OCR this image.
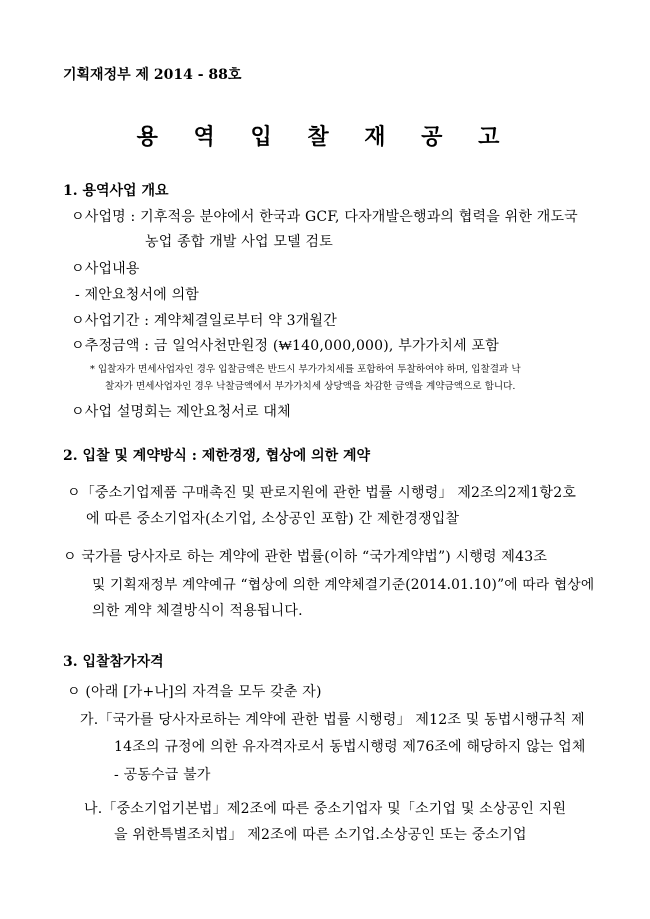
기획재정부 제 2014 - 88호
용 역 입 찰 재 공 고
1. 용역사업 개요
ㅇ사업명 : 기후적응 분야에서 한국과 GCF, 다자개발은행과의 협력을 위한 개도국
농업 종합 개발 사업 모델 검토
ㅇ사업내용
- 제안요청서에 의함
ㅇ사업기간 : 계약체결일로부터 약 3개월간
ㅇ추정금액 : 금 일억사천만원정 (₩140,000,000), 부가가치세 포함
* 입찰자가 면세사업자인 경우 입찰금액은 반드시 부가가치세를 포함하여 투찰하여야 하며, 입찰결과 낙
찰자가 면세사업자인 경우 낙찰금액에서 부가가치세 상당액을 차감한 금액을 계약금액으로 합니다.
ㅇ사업 설명회는 제안요청서로 대체
2. 입찰 및 계약방식 : 제한경쟁, 협상에 의한 계약
ㅇ「중소기업제품 구매촉진 및 판로지원에 관한 법률 시행령」 제2조의2제1항2호
에 따른 중소기업자(소기업, 소상공인 포함) 간 제한경쟁입찰
ㅇ 국가를 당사자로 하는 계약에 관한 법률(이하 “국가계약법”) 시행령 제43조
및 기획재정부 계약예규 “협상에 의한 계약체결기준(2014.01.10)”에 따라 협상에
의한 계약 체결방식이 적용됩니다.
3. 입찰참가자격
ㅇ (아래 [가+나]의 자격을 모두 갖춘 자)
가.「국가를 당사자로하는 계약에 관한 법률 시행령」 제12조 및 동법시행규칙 제
14조의 규정에 의한 유자격자로서 동법시행령 제76조에 해당하지 않는 업체
- 공동수급 불가
나.「중소기업기본법」제2조에 따른 중소기업자 및「소기업 및 소상공인 지원
을 위한특별조치법」 제2조에 따른 소기업.소상공인 또는 중소기업
